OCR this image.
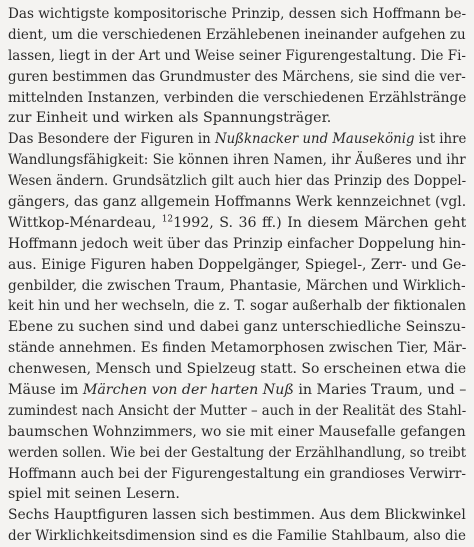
Das wichtigste kompositorische Prinzip, dessen sich Hoffmann be-
dient, um die verschiedenen Erzählebenen ineinander aufgehen zu
lassen, liegt in der Art und Weise seiner Figurengestaltung. Die Fi-
guren bestimmen das Grundmuster des Märchens, sie sind die ver-
mittelnden Instanzen, verbinden die verschiedenen Erzählstränge
zur Einheit und wirken als Spannungsträger.
Das Besondere der Figuren in Nußknacker und Mausekönig ist ihre
Wandlungsfähigkeit: Sie können ihren Namen, ihr Äußeres und ihr
Wesen ändern. Grundsätzlich gilt auch hier das Prinzip des Doppel-
gängers, das ganz allgemein Hoffmanns Werk kennzeichnet (vgl.
Wittkop-Ménardeau, $^{12}$1992, S. 36 ff.) In diesem Märchen geht
Hoffmann jedoch weit über das Prinzip einfacher Doppelung hin-
aus. Einige Figuren haben Doppelgänger, Spiegel-, Zerr- und Ge-
genbilder, die zwischen Traum, Phantasie, Märchen und Wirklich-
keit hin und her wechseln, die z. T. sogar außerhalb der fiktionalen
Ebene zu suchen sind und dabei ganz unterschiedliche Seinszu-
stände annehmen. Es finden Metamorphosen zwischen Tier, Mär-
chenwesen, Mensch und Spielzeug statt. So erscheinen etwa die
Mäuse im Märchen von der harten Nuß in Maries Traum, und –
zumindest nach Ansicht der Mutter – auch in der Realität des Stahl-
baumschen Wohnzimmers, wo sie mit einer Mausefalle gefangen
werden sollen. Wie bei der Gestaltung der Erzählhandlung, so treibt
Hoffmann auch bei der Figurengestaltung ein grandioses Verwirr-
spiel mit seinen Lesern.
Sechs Hauptfiguren lassen sich bestimmen. Aus dem Blickwinkel
der Wirklichkeitsdimension sind es die Familie Stahlbaum, also die
